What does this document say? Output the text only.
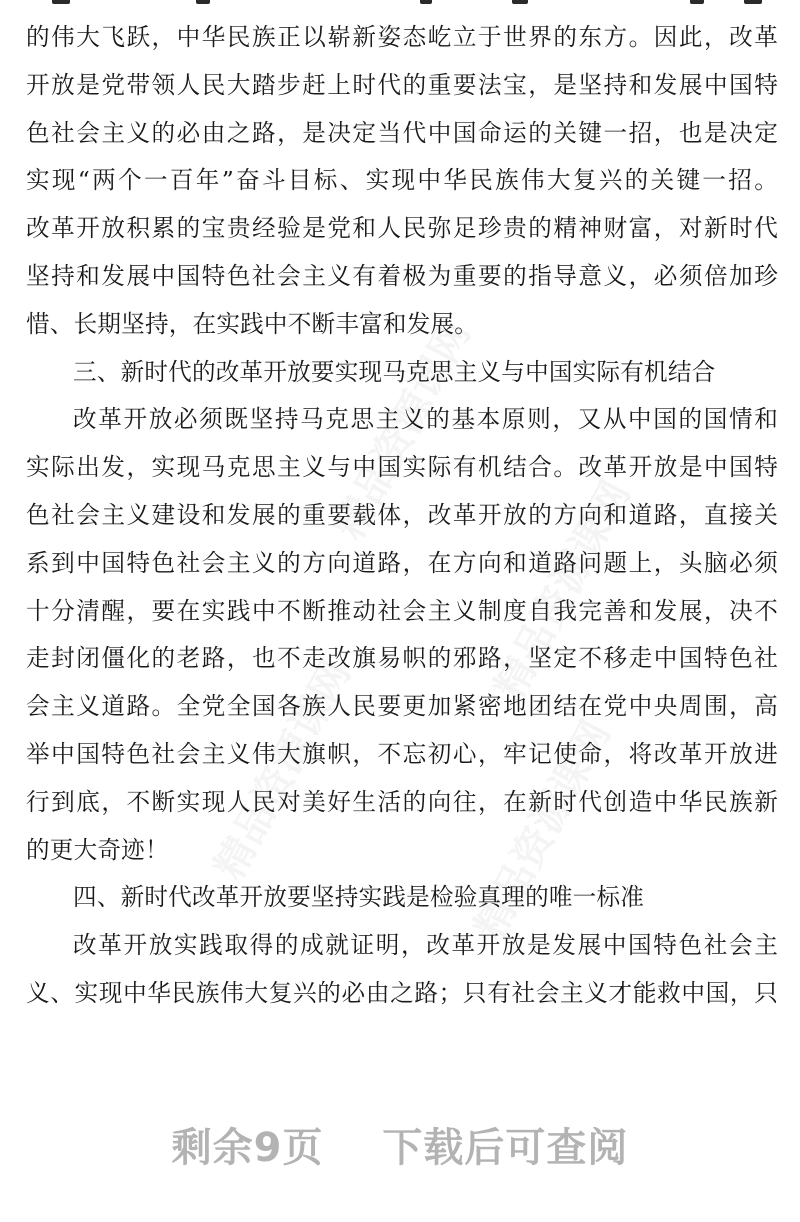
精品资源课网
精品资源课网
精品资源课网	精品资源课网
的伟大飞跃，中华民族正以崭新姿态屹立于世界的东方。因此，改革
开放是党带领人民大踏步赶上时代的重要法宝，是坚持和发展中国特
色社会主义的必由之路，是决定当代中国命运的关键一招，也是决定
实现“两个一百年”奋斗目标、实现中华民族伟大复兴的关键一招。
改革开放积累的宝贵经验是党和人民弥足珍贵的精神财富，对新时代
坚持和发展中国特色社会主义有着极为重要的指导意义，必须倍加珍
惜、长期坚持，在实践中不断丰富和发展。
三、新时代的改革开放要实现马克思主义与中国实际有机结合
改革开放必须既坚持马克思主义的基本原则，又从中国的国情和
实际出发，实现马克思主义与中国实际有机结合。改革开放是中国特
色社会主义建设和发展的重要载体，改革开放的方向和道路，直接关
系到中国特色社会主义的方向道路，在方向和道路问题上，头脑必须
十分清醒，要在实践中不断推动社会主义制度自我完善和发展，决不
走封闭僵化的老路，也不走改旗易帜的邪路，坚定不移走中国特色社
会主义道路。全党全国各族人民要更加紧密地团结在党中央周围，高
举中国特色社会主义伟大旗帜，不忘初心，牢记使命，将改革开放进
行到底，不断实现人民对美好生活的向往，在新时代创造中华民族新
的更大奇迹！
四、新时代改革开放要坚持实践是检验真理的唯一标准
改革开放实践取得的成就证明，改革开放是发展中国特色社会主
义、实现中华民族伟大复兴的必由之路；只有社会主义才能救中国，只
剩余9页 下载后可查阅
